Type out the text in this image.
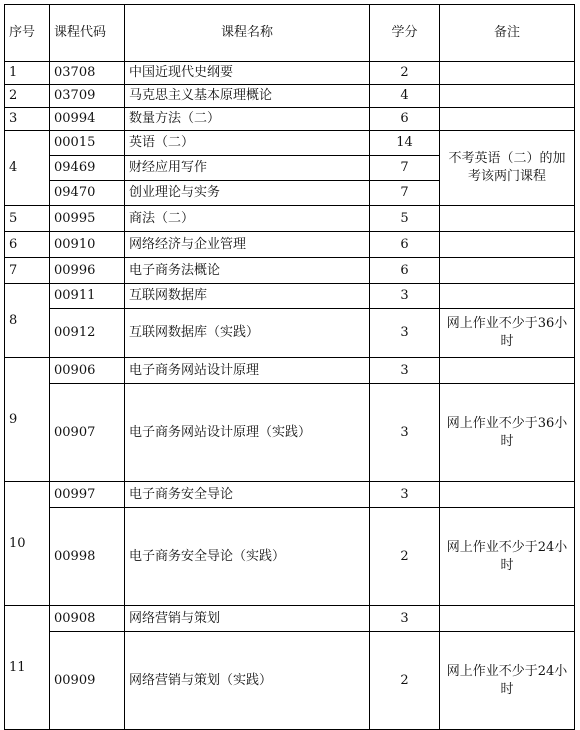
序号	课程代码	课程名称	学分	备注
1	03708	中国近现代史纲要	2	
2	03709	马克思主义基本原理概论	4	
3	00994	数量方法（二）	6	
4	00015	英语（二）	14	不考英语（二）的加考该两门课程
	09469	财经应用写作	7	
	09470	创业理论与实务	7	
5	00995	商法（二）	5	
6	00910	网络经济与企业管理	6	
7	00996	电子商务法概论	6	
8	00911	互联网数据库	3	
	00912	互联网数据库（实践）	3	网上作业不少于36小时
9	00906	电子商务网站设计原理	3	
	00907	电子商务网站设计原理（实践）	3	网上作业不少于36小时
10	00997	电子商务安全导论	3	
	00998	电子商务安全导论（实践）	2	网上作业不少于24小时
11	00908	网络营销与策划	3	
	00909	网络营销与策划（实践）	2	网上作业不少于24小时
